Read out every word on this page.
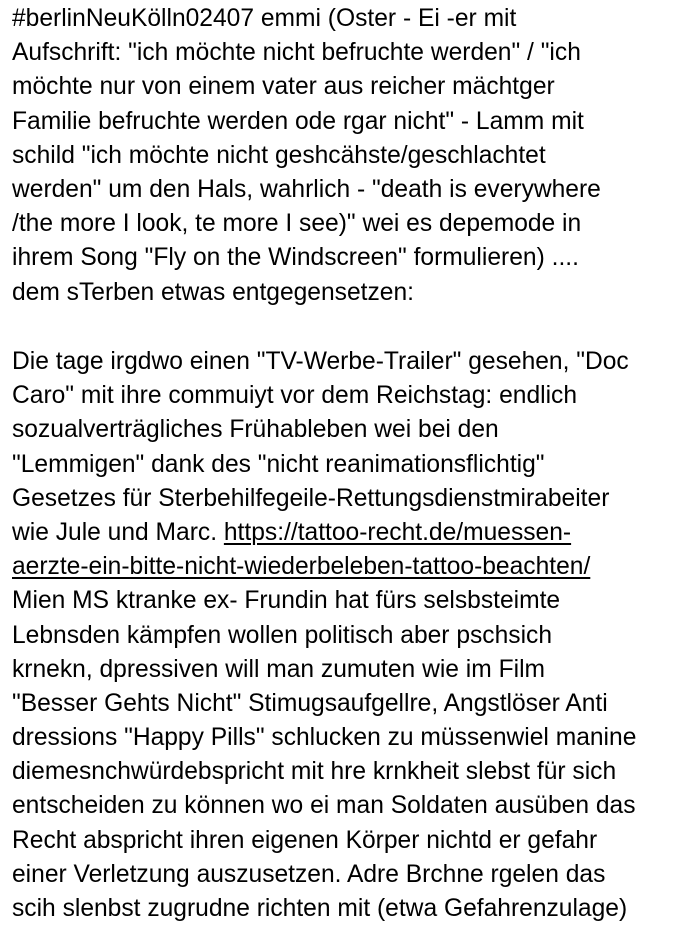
#berlinNeuKölln02407 emmi (Oster - Ei -er mit
Aufschrift: "ich möchte nicht befruchte werden" / "ich
möchte nur von einem vater aus reicher mächtger
Familie befruchte werden ode rgar nicht" - Lamm mit
schild "ich möchte nicht geshcähste/geschlachtet
werden" um den Hals, wahrlich - "death is everywhere
/the more I look, te more I see)" wei es depemode in
ihrem Song "Fly on the Windscreen" formulieren) ....
dem sTerben etwas entgegensetzen:
Die tage irgdwo einen "TV-Werbe-Trailer" gesehen, "Doc
Caro" mit ihre commuiyt vor dem Reichstag: endlich
sozualverträgliches Frühableben wei bei den
"Lemmigen" dank des "nicht reanimationsflichtig"
Gesetzes für Sterbehilfegeile-Rettungsdienstmirabeiter
wie Jule und Marc. https://tattoo-recht.de/muessen-
aerzte-ein-bitte-nicht-wiederbeleben-tattoo-beachten/
Mien MS ktranke ex- Frundin hat fürs selsbsteimte
Lebnsden kämpfen wollen politisch aber pschsich
krnekn, dpressiven will man zumuten wie im Film
"Besser Gehts Nicht" Stimugsaufgellre, Angstlöser Anti
dressions "Happy Pills" schlucken zu müssenwiel manine
diemesnchwürdebspricht mit hre krnkheit slebst für sich
entscheiden zu können wo ei man Soldaten ausüben das
Recht abspricht ihren eigenen Körper nichtd er gefahr
einer Verletzung auszusetzen. Adre Brchne rgelen das
scih slenbst zugrudne richten mit (etwa Gefahrenzulage)
